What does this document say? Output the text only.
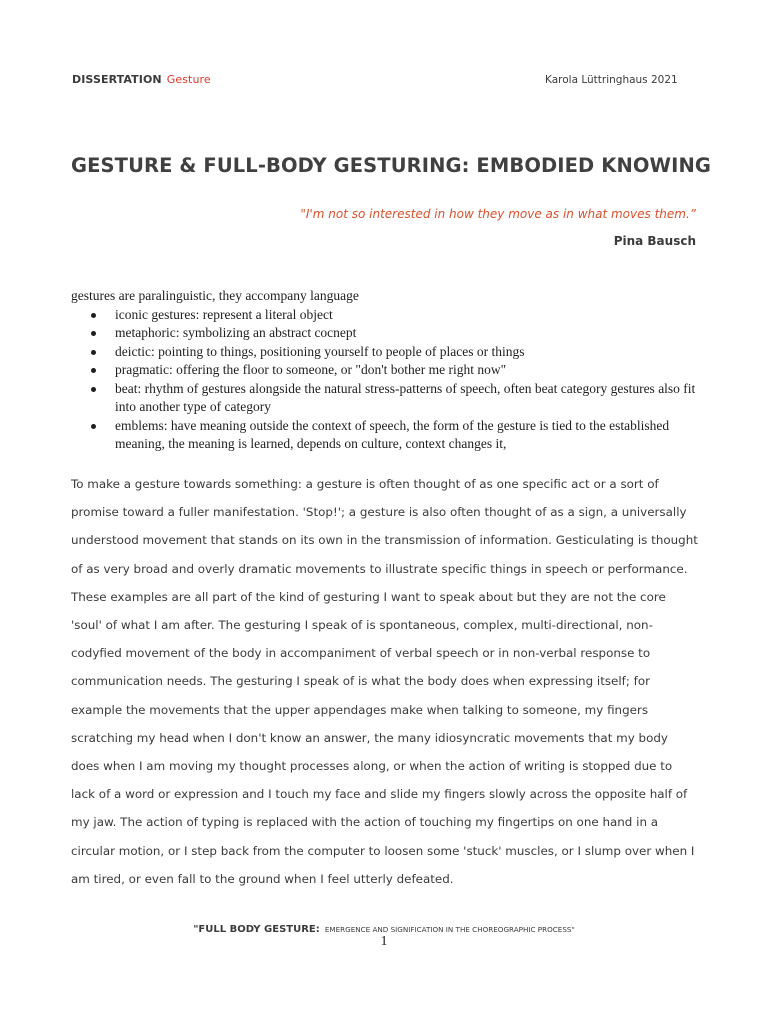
DISSERTATION Gesture	Karola Lüttringhaus 2021
GESTURE & FULL-BODY GESTURING: EMBODIED KNOWING
"I'm not so interested in how they move as in what moves them.”
Pina Bausch
gestures are paralinguistic, they accompany language
iconic gestures: represent a literal object
metaphoric: symbolizing an abstract cocnept
deictic: pointing to things, positioning yourself to people of places or things
pragmatic: offering the floor to someone, or "don't bother me right now"
beat: rhythm of gestures alongside the natural stress-patterns of speech, often beat category gestures also fit into another type of category
emblems: have meaning outside the context of speech, the form of the gesture is tied to the established meaning, the meaning is learned, depends on culture, context changes it,

To make a gesture towards something: a gesture is often thought of as one specific act or a sort of promise toward a fuller manifestation. 'Stop!'; a gesture is also often thought of as a sign, a universally understood movement that stands on its own in the transmission of information. Gesticulating is thought of as very broad and overly dramatic movements to illustrate specific things in speech or performance. These examples are all part of the kind of gesturing I want to speak about but they are not the core 'soul' of what I am after. The gesturing I speak of is spontaneous, complex, multi-directional, non-codyfied movement of the body in accompaniment of verbal speech or in non-verbal response to communication needs. The gesturing I speak of is what the body does when expressing itself; for example the movements that the upper appendages make when talking to someone, my fingers scratching my head when I don't know an answer, the many idiosyncratic movements that my body does when I am moving my thought processes along, or when the action of writing is stopped due to lack of a word or expression and I touch my face and slide my fingers slowly across the opposite half of my jaw. The action of typing is replaced with the action of touching my fingertips on one hand in a circular motion, or I step back from the computer to loosen some 'stuck' muscles, or I slump over when I am tired, or even fall to the ground when I feel utterly defeated.

"FULL BODY GESTURE: EMERGENCE AND SIGNIFICATION IN THE CHOREOGRAPHIC PROCESS"
1
